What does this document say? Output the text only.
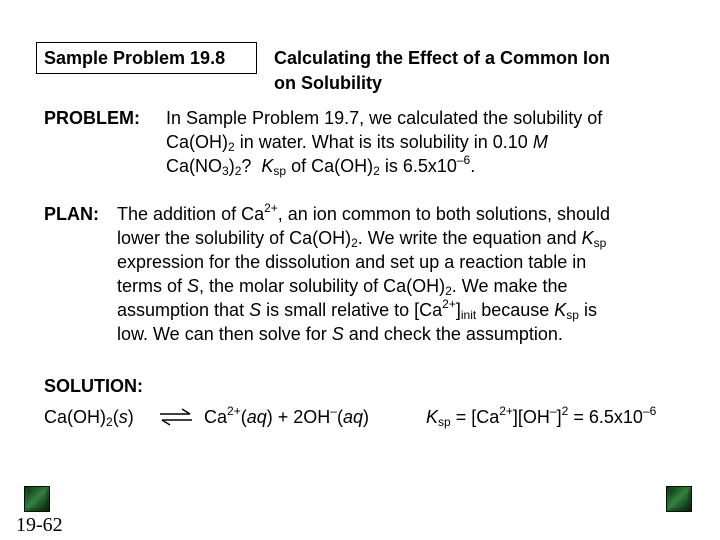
Sample Problem 19.8	Calculating the Effect of a Common Ion
on Solubility
PROBLEM: In Sample Problem 19.7, we calculated the solubility of
$Ca(OH)_2$ in water. What is its solubility in 0.10 M
$Ca(NO_3)_2$?  $K_{sp}$ of $Ca(OH)_2$ is $6.5x10^{-6}$.
PLAN: The addition of $Ca^{2+}$, an ion common to both solutions, should
lower the solubility of $Ca(OH)_2$. We write the equation and $K_{sp}$
expression for the dissolution and set up a reaction table in
terms of S, the molar solubility of $Ca(OH)_2$. We make the
assumption that S is small relative to $[Ca^{2+}]_{init}$ because $K_{sp}$ is
low. We can then solve for S and check the assumption.
SOLUTION:
$Ca(OH)_2(s)$ ⇌ $Ca^{2+}(aq) + 2OH^-(aq)$	$K_{sp} = [Ca^{2+}][OH^-]^2 = 6.5x10^{-6}$
19-62
